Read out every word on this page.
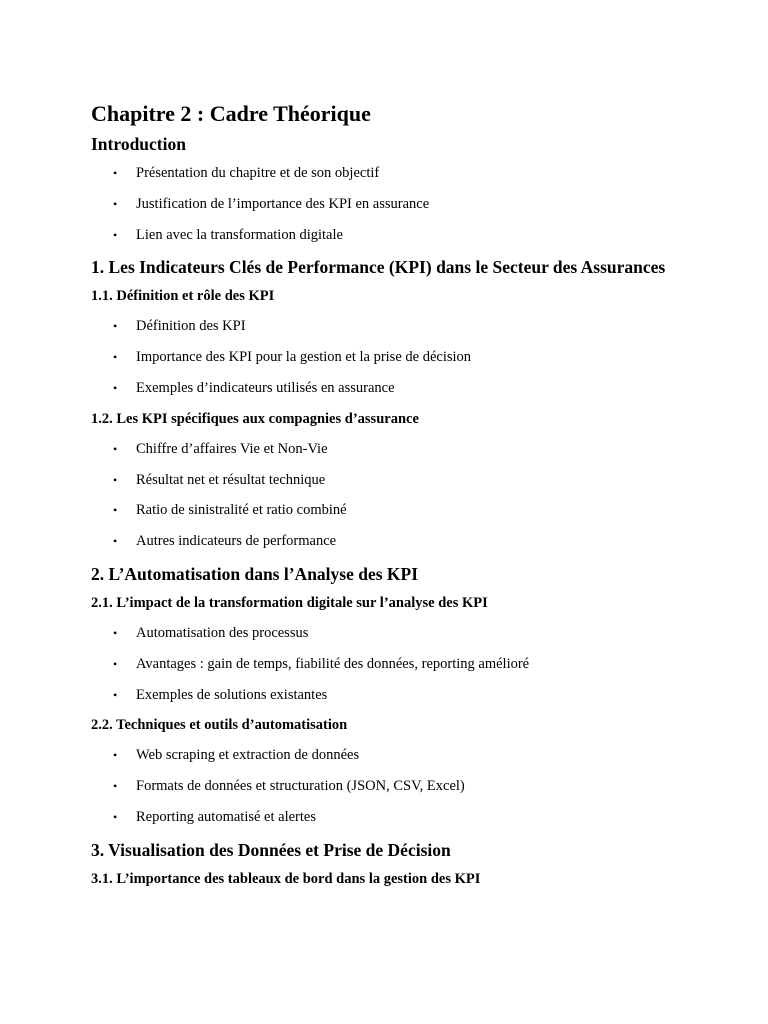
Chapitre 2 : Cadre Théorique
Introduction
• Présentation du chapitre et de son objectif
• Justification de l’importance des KPI en assurance
• Lien avec la transformation digitale
1. Les Indicateurs Clés de Performance (KPI) dans le Secteur des Assurances
1.1. Définition et rôle des KPI
• Définition des KPI
• Importance des KPI pour la gestion et la prise de décision
• Exemples d’indicateurs utilisés en assurance
1.2. Les KPI spécifiques aux compagnies d’assurance
• Chiffre d’affaires Vie et Non-Vie
• Résultat net et résultat technique
• Ratio de sinistralité et ratio combiné
• Autres indicateurs de performance
2. L’Automatisation dans l’Analyse des KPI
2.1. L’impact de la transformation digitale sur l’analyse des KPI
• Automatisation des processus
• Avantages : gain de temps, fiabilité des données, reporting amélioré
• Exemples de solutions existantes
2.2. Techniques et outils d’automatisation
• Web scraping et extraction de données
• Formats de données et structuration (JSON, CSV, Excel)
• Reporting automatisé et alertes
3. Visualisation des Données et Prise de Décision
3.1. L’importance des tableaux de bord dans la gestion des KPI
